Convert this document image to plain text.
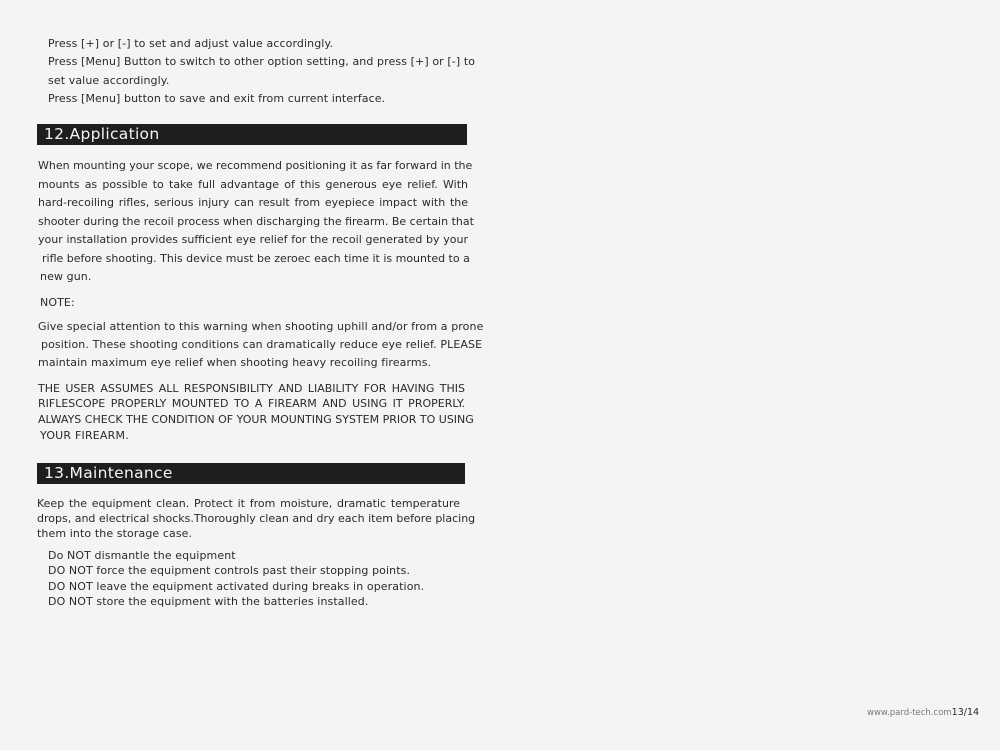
Press [+] or [-] to set and adjust value accordingly.
Press [Menu] Button to switch to other option setting, and press [+] or [-] to
set value accordingly.
Press [Menu] button to save and exit from current interface.
12.Application
When mounting your scope, we recommend positioning it as far forward in the
mounts as possible to take full advantage of this generous eye relief. With
hard-recoiling rifles, serious injury can result from eyepiece impact with the
shooter during the recoil process when discharging the firearm. Be certain that
your installation provides sufficient eye relief for the recoil generated by your
rifle before shooting. This device must be zeroec each time it is mounted to a
new gun.
NOTE:
Give special attention to this warning when shooting uphill and/or from a prone
position. These shooting conditions can dramatically reduce eye relief. PLEASE
maintain maximum eye relief when shooting heavy recoiling firearms.
THE USER ASSUMES ALL RESPONSIBILITY AND LIABILITY FOR HAVING THIS
RIFLESCOPE PROPERLY MOUNTED TO A FIREARM AND USING IT PROPERLY.
ALWAYS CHECK THE CONDITION OF YOUR MOUNTING SYSTEM PRIOR TO USING
YOUR FIREARM.
13.Maintenance
Keep the equipment clean. Protect it from moisture, dramatic temperature
drops, and electrical shocks.Thoroughly clean and dry each item before placing
them into the storage case.
Do NOT dismantle the equipment
DO NOT force the equipment controls past their stopping points.
DO NOT leave the equipment activated during breaks in operation.
DO NOT store the equipment with the batteries installed.
www.pard-tech.com13/14
